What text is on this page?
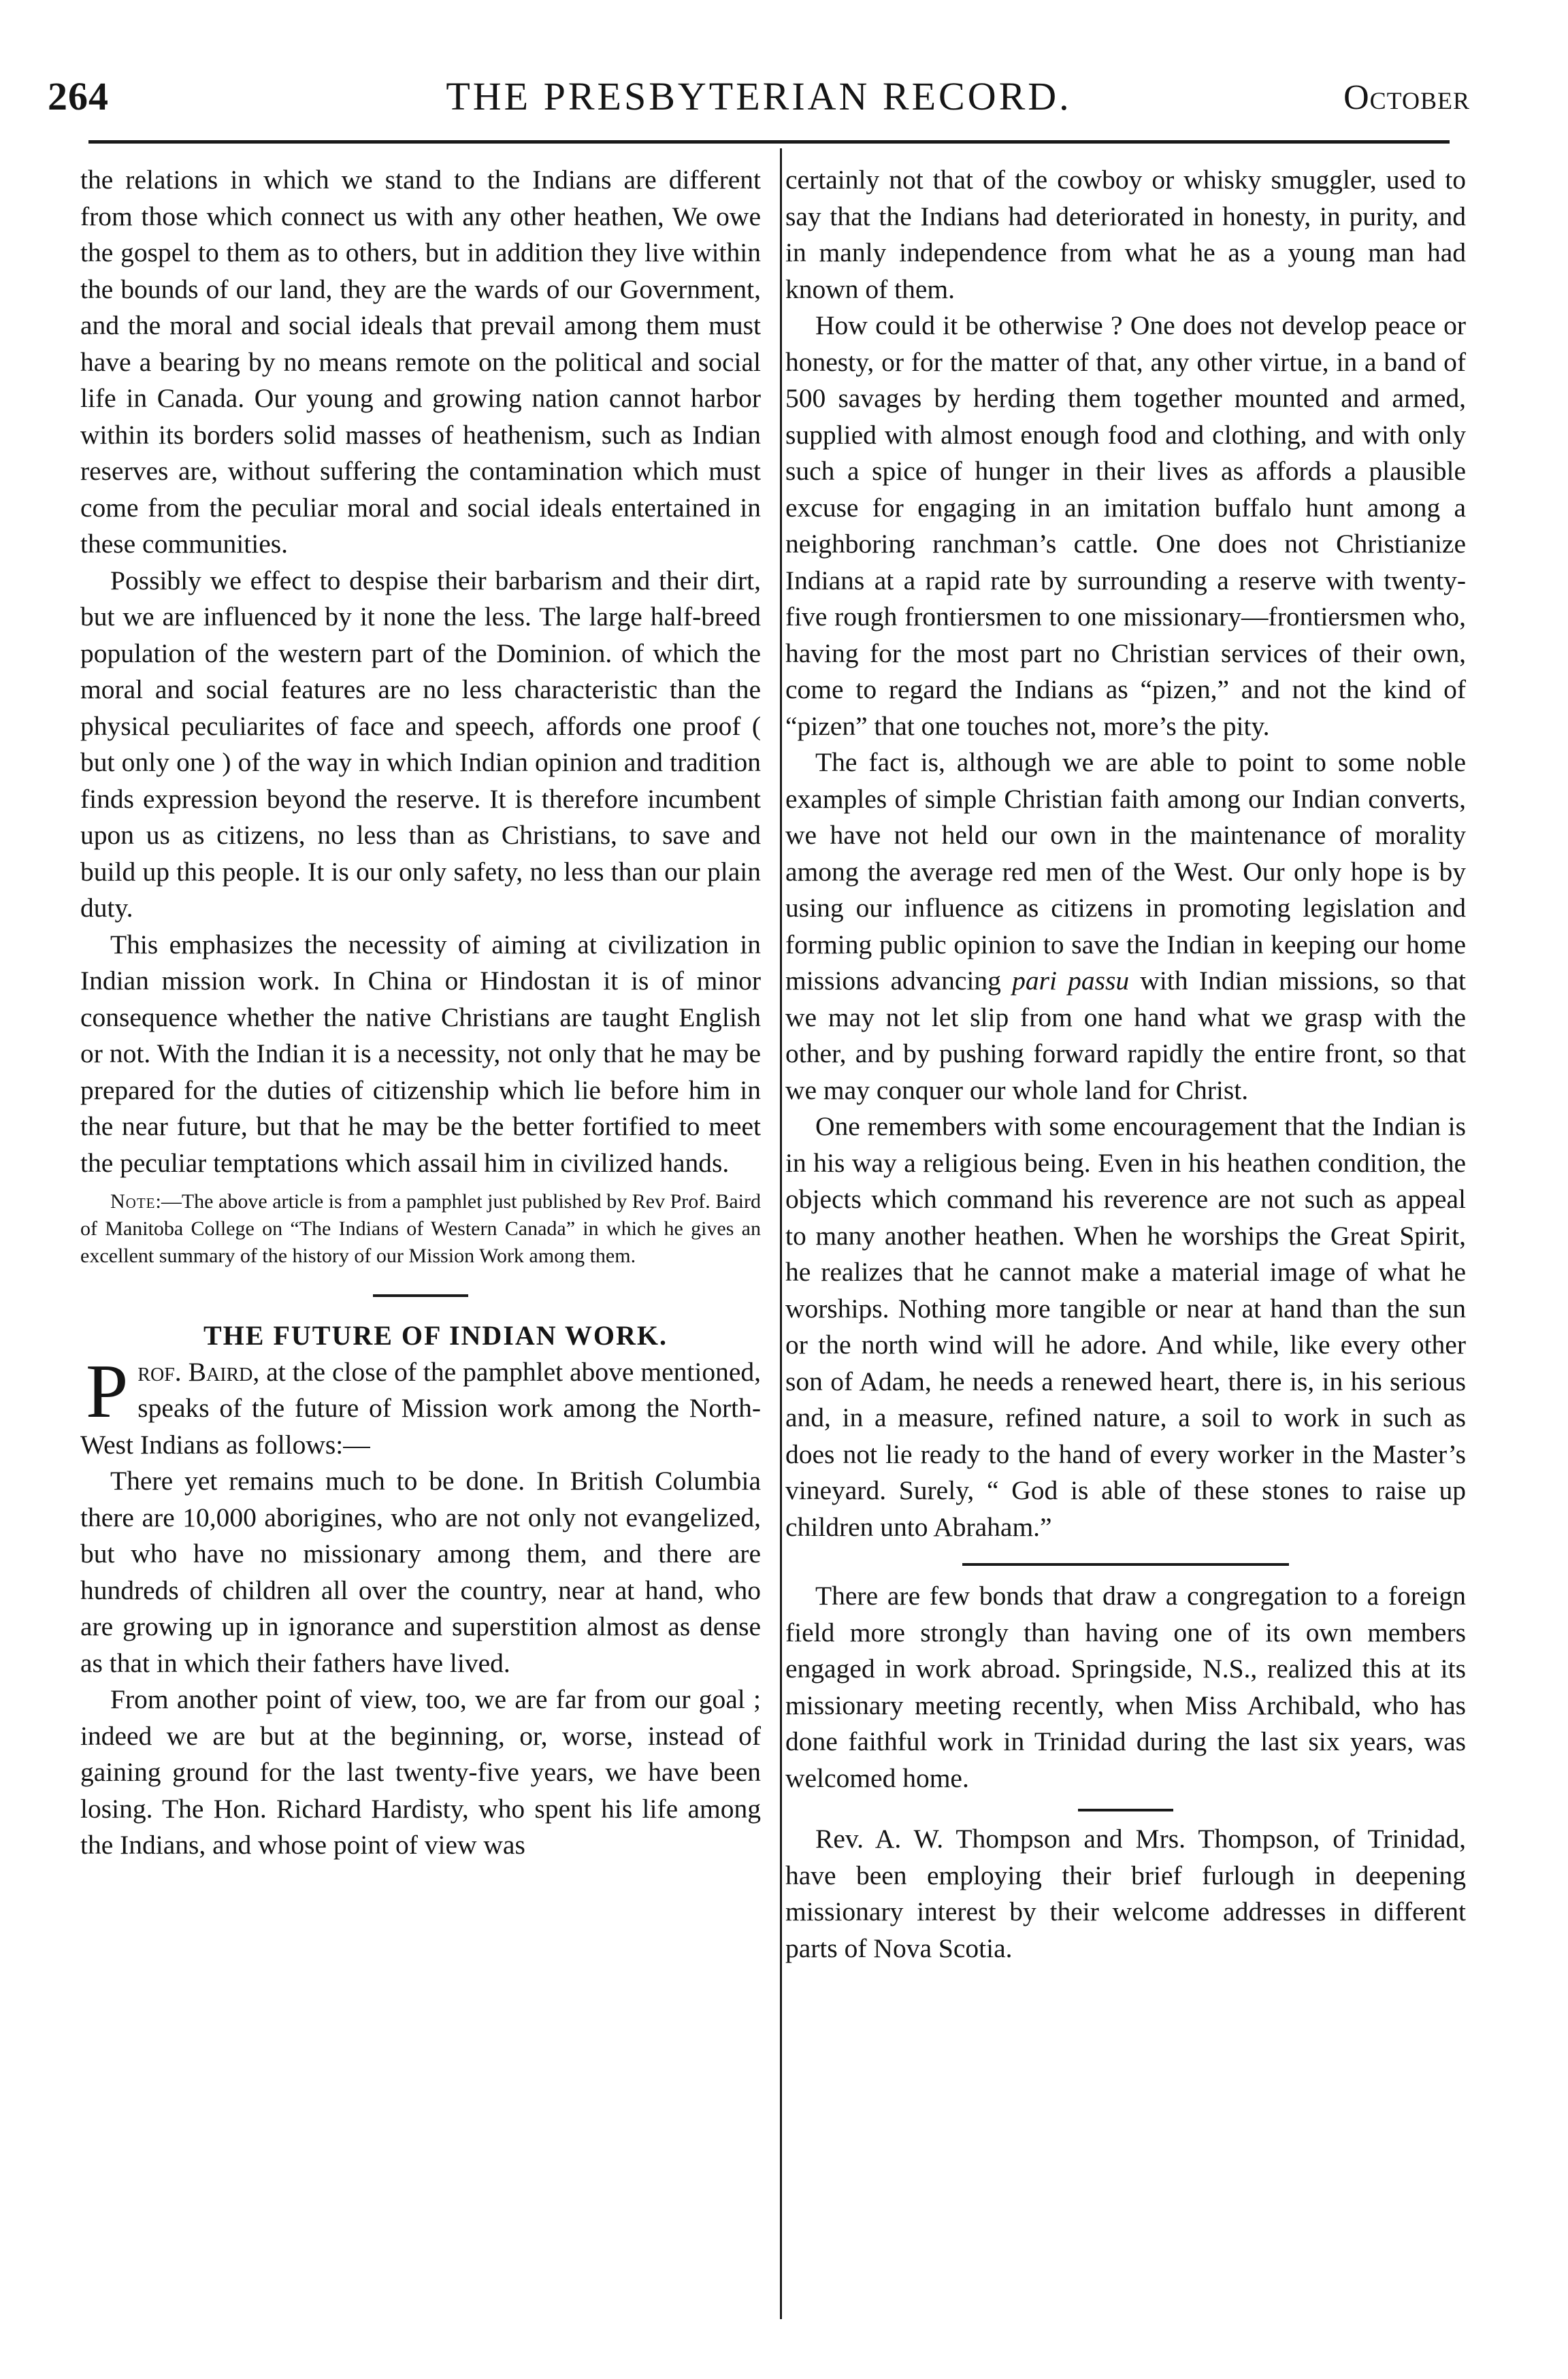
264	THE PRESBYTERIAN RECORD.	October

the relations in which we stand to the Indians are different from those which connect us with any other heathen, We owe the gospel to them as to others, but in addition they live within the bounds of our land, they are the wards of our Government, and the moral and social ideals that prevail among them must have a bearing by no means remote on the political and social life in Canada. Our young and growing nation cannot harbor within its borders solid masses of heathenism, such as Indian reserves are, without suffering the contamination which must come from the peculiar moral and social ideals entertained in these communities.

Possibly we effect to despise their barbarism and their dirt, but we are influenced by it none the less. The large half-breed population of the western part of the Dominion. of which the moral and social features are no less characteristic than the physical peculiarites of face and speech, affords one proof ( but only one ) of the way in which Indian opinion and tradition finds expression beyond the reserve. It is therefore incumbent upon us as citizens, no less than as Christians, to save and build up this people. It is our only safety, no less than our plain duty.

This emphasizes the necessity of aiming at civilization in Indian mission work. In China or Hindostan it is of minor consequence whether the native Christians are taught English or not. With the Indian it is a necessity, not only that he may be prepared for the duties of citizenship which lie before him in the near future, but that he may be the better fortified to meet the peculiar temptations which assail him in civilized hands.

Note:—The above article is from a pamphlet just published by Rev Prof. Baird of Manitoba College on “The Indians of Western Canada” in which he gives an excellent summary of the history of our Mission Work among them.

THE FUTURE OF INDIAN WORK.

Prof. Baird, at the close of the pamphlet above mentioned, speaks of the future of Mission work among the North-West Indians as follows:—

There yet remains much to be done. In British Columbia there are 10,000 aborigines, who are not only not evangelized, but who have no missionary among them, and there are hundreds of children all over the country, near at hand, who are growing up in ignorance and superstition almost as dense as that in which their fathers have lived.

From another point of view, too, we are far from our goal ; indeed we are but at the beginning, or, worse, instead of gaining ground for the last twenty-five years, we have been losing. The Hon. Richard Hardisty, who spent his life among the Indians, and whose point of view was

certainly not that of the cowboy or whisky smuggler, used to say that the Indians had deteriorated in honesty, in purity, and in manly independence from what he as a young man had known of them.

How could it be otherwise ? One does not develop peace or honesty, or for the matter of that, any other virtue, in a band of 500 savages by herding them together mounted and armed, supplied with almost enough food and clothing, and with only such a spice of hunger in their lives as affords a plausible excuse for engaging in an imitation buffalo hunt among a neighboring ranchman’s cattle. One does not Christianize Indians at a rapid rate by surrounding a reserve with twenty-five rough frontiersmen to one missionary—frontiersmen who, having for the most part no Christian services of their own, come to regard the Indians as “pizen,” and not the kind of “pizen” that one touches not, more’s the pity.

The fact is, although we are able to point to some noble examples of simple Christian faith among our Indian converts, we have not held our own in the maintenance of morality among the average red men of the West. Our only hope is by using our influence as citizens in promoting legislation and forming public opinion to save the Indian in keeping our home missions advancing pari passu with Indian missions, so that we may not let slip from one hand what we grasp with the other, and by pushing forward rapidly the entire front, so that we may conquer our whole land for Christ.

One remembers with some encouragement that the Indian is in his way a religious being. Even in his heathen condition, the objects which command his reverence are not such as appeal to many another heathen. When he worships the Great Spirit, he realizes that he cannot make a material image of what he worships. Nothing more tangible or near at hand than the sun or the north wind will he adore. And while, like every other son of Adam, he needs a renewed heart, there is, in his serious and, in a measure, refined nature, a soil to work in such as does not lie ready to the hand of every worker in the Master’s vineyard. Surely, “ God is able of these stones to raise up children unto Abraham.”

There are few bonds that draw a congregation to a foreign field more strongly than having one of its own members engaged in work abroad. Springside, N.S., realized this at its missionary meeting recently, when Miss Archibald, who has done faithful work in Trinidad during the last six years, was welcomed home.

Rev. A. W. Thompson and Mrs. Thompson, of Trinidad, have been employing their brief furlough in deepening missionary interest by their welcome addresses in different parts of Nova Scotia.
